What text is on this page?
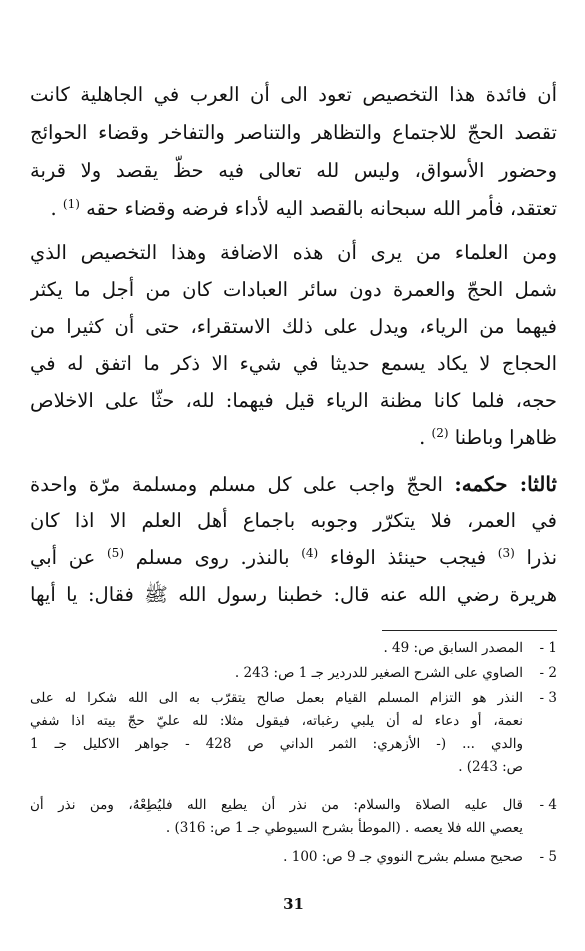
أن فائدة هذا التخصيص تعود الى أن العرب في الجاهلية كانت
تقصد الحجّ للاجتماع والتظاهر والتناصر والتفاخر وقضاء الحوائج
وحضور الأسواق، وليس لله تعالى فيه حظّ يقصد ولا قربة
تعتقد، فأمر الله سبحانه بالقصد اليه لأداء فرضه وقضاء حقه $^{(1)}$ .
ومن العلماء من يرى أن هذه الاضافة وهذا التخصيص الذي
شمل الحجّ والعمرة دون سائر العبادات كان من أجل ما يكثر
فيهما من الرياء، ويدل على ذلك الاستقراء، حتى أن كثيرا من
الحجاج لا يكاد يسمع حديثا في شيء الا ذكر ما اتفق له في
حجه، فلما كانا مظنة الرياء قيل فيهما: لله، حثّا على الاخلاص
ظاهرا وباطنا $^{(2)}$ .
ثالثا: حكمه: الحجّ واجب على كل مسلم ومسلمة مرّة واحدة
في العمر، فلا يتكرّر وجوبه باجماع أهل العلم الا اذا كان
نذرا $^{(3)}$ فيجب حينئذ الوفاء $^{(4)}$ بالنذر. روى مسلم $^{(5)}$ عن أبي
هريرة رضي الله عنه قال: خطبنا رسول الله ﷺ فقال: يا أيها
1 -
المصدر السابق ص: 49 .
2 -
الصاوي على الشرح الصغير للدردير جـ 1 ص: 243 .
3 -
النذر هو التزام المسلم القيام بعمل صالح يتقرّب به الى الله شكرا له على
نعمة، أو دعاء له أن يلبي رغباته، فيقول مثلا: لله عليّ حجّ بيته اذا شفي
والدي ... (- الأزهري: الثمر الداني ص 428 - جواهر الاكليل جـ 1
ص: 243) .
4 -
قال عليه الصلاة والسلام: من نذر أن يطيع الله فليُطِعْهُ، ومن نذر أن
يعصي الله فلا يعصه . (الموطأ بشرح السيوطي جـ 1 ص: 316) .
5 -
صحيح مسلم بشرح النووي جـ 9 ص: 100 .
31
